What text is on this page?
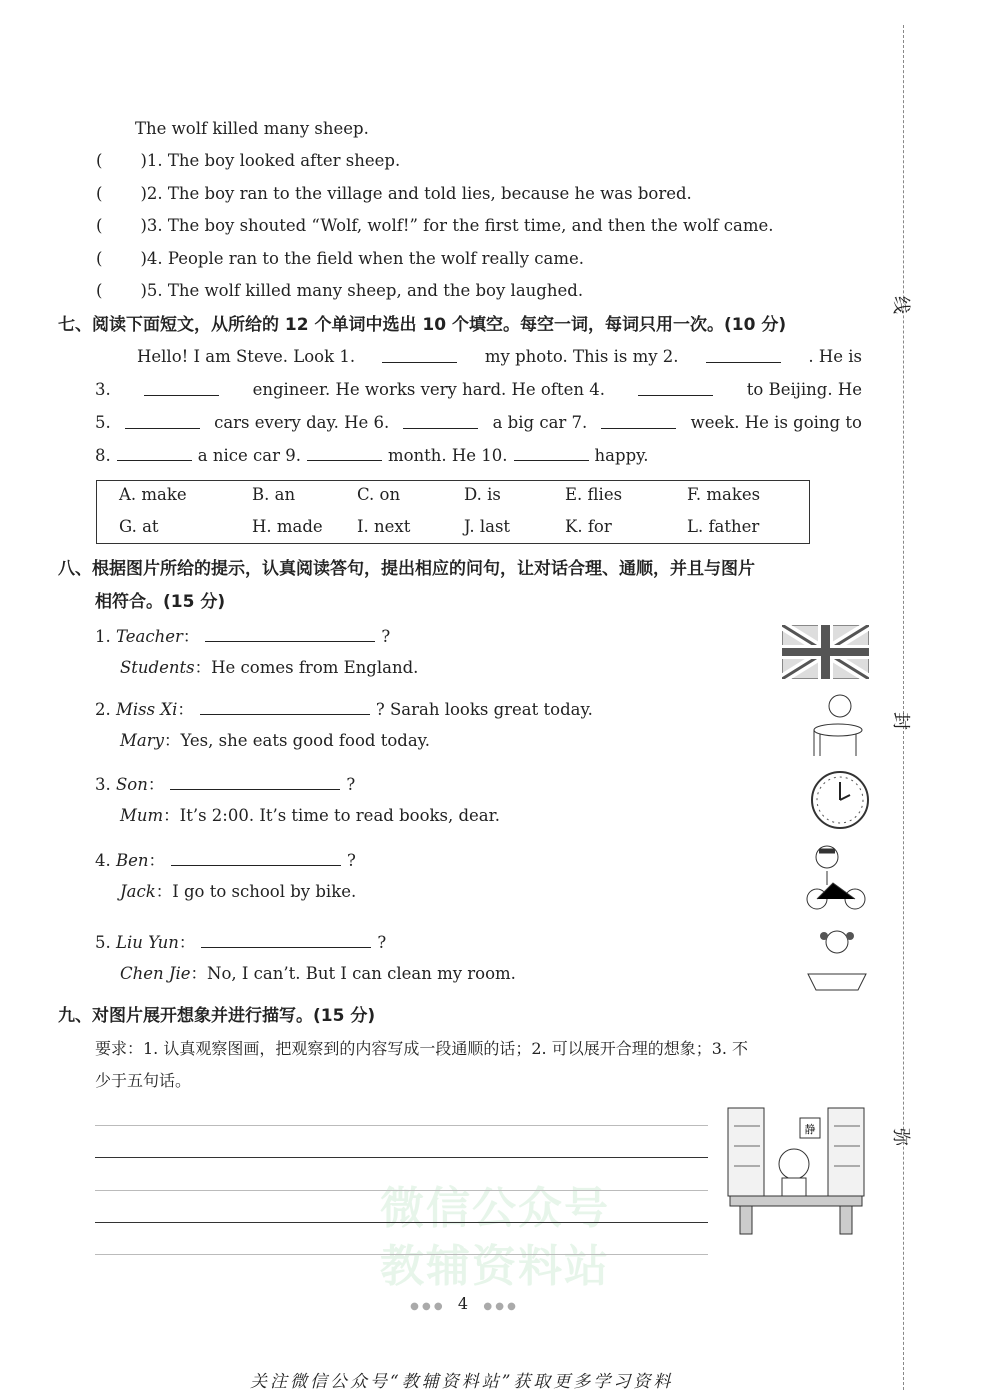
微信公众号
教辅资料站
线
封
弥
The wolf killed many sheep.
( )1. The boy looked after sheep.
( )2. The boy ran to the village and told lies, because he was bored.
( )3. The boy shouted “Wolf, wolf!” for the first time, and then the wolf came.
( )4. People ran to the field when the wolf really came.
( )5. The wolf killed many sheep, and the boy laughed.
七、阅读下面短文，从所给的 12 个单词中选出 10 个填空。每空一词，每词只用一次。(10 分)
Hello! I am Steve. Look 1.	my photo. This is my 2.	. He is
3.	engineer. He works very hard. He often 4.	to Beijing. He
5.	cars every day. He 6.	a big car 7.	week. He is going to
8.	a nice car 9.	month. He 10.	happy.
A. make	B. an	C. on	D. is	E. flies	F. makes
G. at	H. made I. next	J. last	K. for	L. father
八、根据图片所给的提示，认真阅读答句，提出相应的问句，让对话合理、通顺，并且与图片
相符合。(15 分)
1. Teacher：	?
Students：He comes from England.
2. Miss Xi：	? Sarah looks great today.
Mary：Yes, she eats good food today.
3. Son：	?
Mum：It’s 2:00. It’s time to read books, dear.
4. Ben：	?
Jack：I go to school by bike.
5. Liu Yun：	?
Chen Jie：No, I can’t. But I can clean my room.
九、对图片展开想象并进行描写。(15 分)
要求：1. 认真观察图画，把观察到的内容写成一段通顺的话；2. 可以展开合理的想象；3. 不
少于五句话。
静
● ● ● 4 ● ● ●
关注微信公众号“教辅资料站”获取更多学习资料
